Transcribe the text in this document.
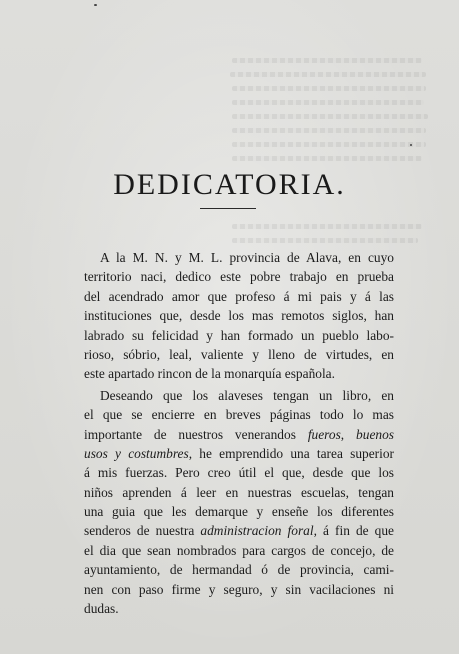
DEDICATORIA.
A la M. N. y M. L. provincia de Alava, en cuyo
territorio naci, dedico este pobre trabajo en prueba
del acendrado amor que profeso á mi pais y á las
instituciones que, desde los mas remotos siglos, han
labrado su felicidad y han formado un pueblo labo-
rioso, sóbrio, leal, valiente y lleno de virtudes, en
este apartado rincon de la monarquía española.
Deseando que los alaveses tengan un libro, en
el que se encierre en breves páginas todo lo mas
importante de nuestros venerandos fueros, buenos
usos y costumbres, he emprendido una tarea superior
á mis fuerzas. Pero creo útil el que, desde que los
niños aprenden á leer en nuestras escuelas, tengan
una guia que les demarque y enseñe los diferentes
senderos de nuestra administracion foral, á fin de que
el dia que sean nombrados para cargos de concejo, de
ayuntamiento, de hermandad ó de provincia, cami-
nen con paso firme y seguro, y sin vacilaciones ni
dudas.
